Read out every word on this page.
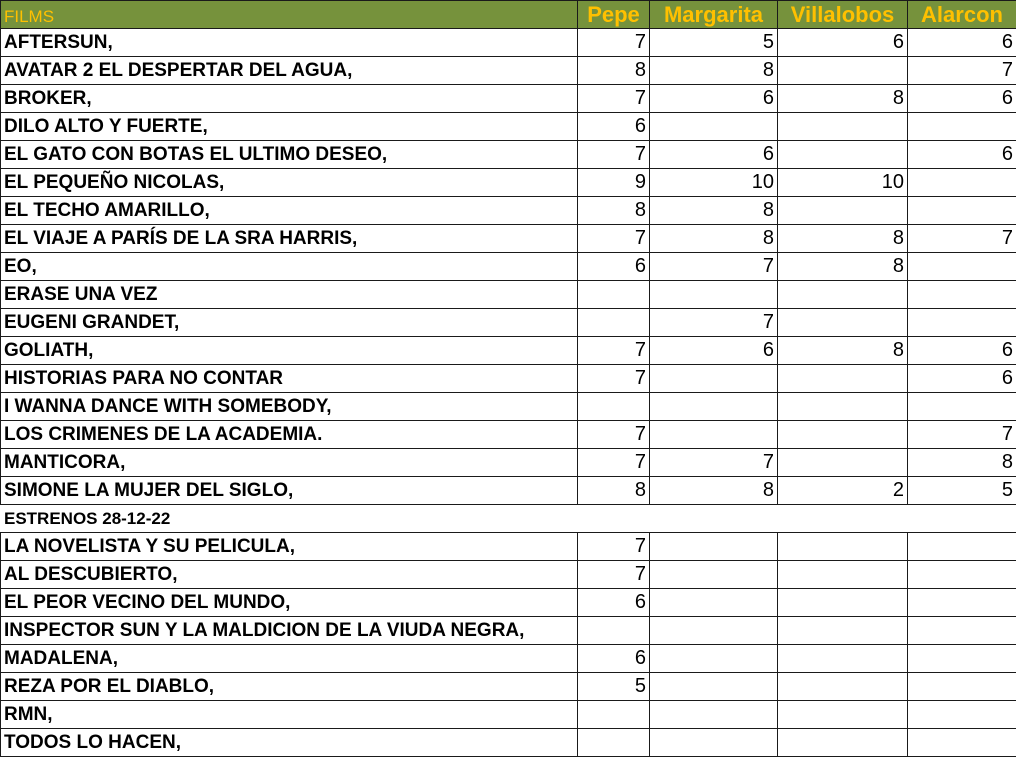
FILMS	Pepe	Margarita	Villalobos	Alarcon
AFTERSUN,	7	5	6	6
AVATAR 2 EL DESPERTAR DEL AGUA,	8	8		7
BROKER,	7	6	8	6
DILO ALTO Y FUERTE,	6			
EL GATO CON BOTAS EL ULTIMO DESEO,	7	6		6
EL PEQUEÑO NICOLAS,	9	10	10	
EL TECHO AMARILLO,	8	8		
EL VIAJE A PARÍS DE LA SRA HARRIS,	7	8	8	7
EO,	6	7	8	
ERASE UNA VEZ				
EUGENI GRANDET,		7		
GOLIATH,	7	6	8	6
HISTORIAS PARA NO CONTAR	7			6
I WANNA DANCE WITH SOMEBODY,				
LOS CRIMENES DE LA ACADEMIA.	7			7
MANTICORA,	7	7		8
SIMONE LA MUJER DEL SIGLO,	8	8	2	5
ESTRENOS 28-12-22				
LA NOVELISTA Y SU PELICULA,	7			
AL DESCUBIERTO,	7			
EL PEOR VECINO DEL MUNDO,	6			
INSPECTOR SUN Y LA MALDICION DE LA VIUDA NEGRA,				
MADALENA,	6			
REZA POR EL DIABLO,	5			
RMN,				
TODOS LO HACEN,				
